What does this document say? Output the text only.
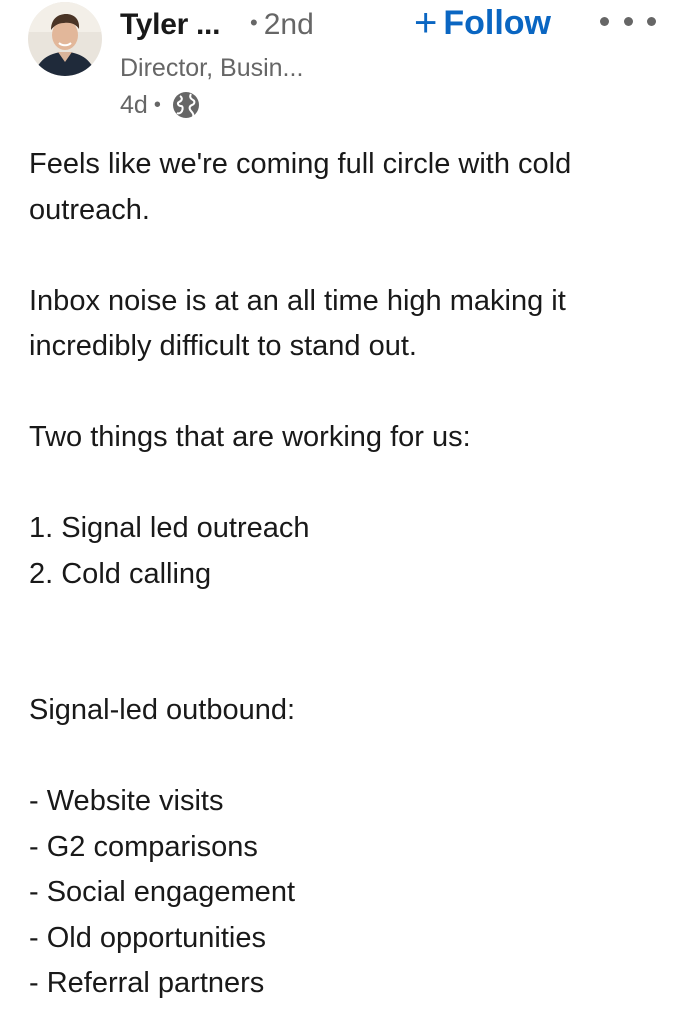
Tyler ... • 2nd
Director, Busin...
4d •
+ Follow
Feels like we're coming full circle with cold
outreach.
Inbox noise is at an all time high making it
incredibly difficult to stand out.
Two things that are working for us:
1. Signal led outreach
2. Cold calling
Signal-led outbound:
- Website visits
- G2 comparisons
- Social engagement
- Old opportunities
- Referral partners
